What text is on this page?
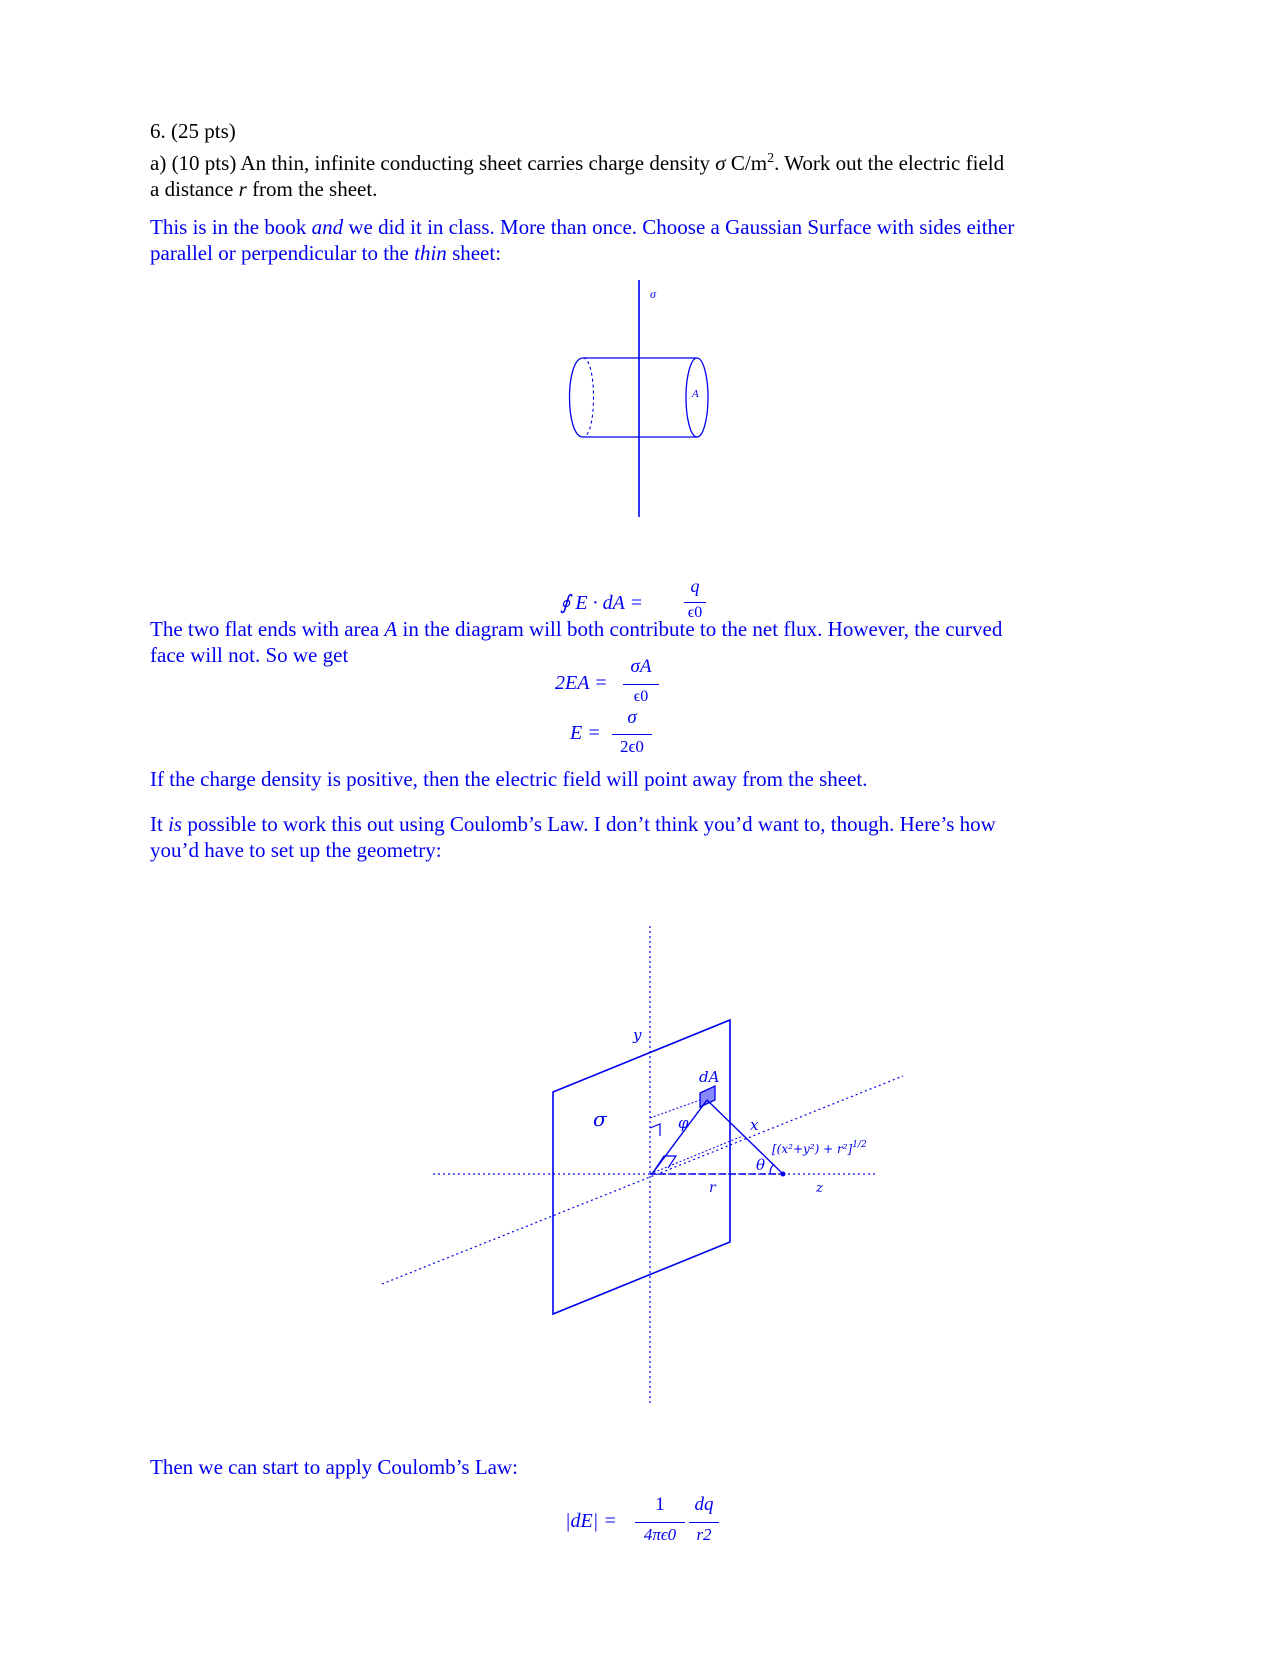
6. (25 pts)

a) (10 pts) An thin, infinite conducting sheet carries charge density σ $C/m^2$. Work out the electric field
a distance r from the sheet.

This is in the book and we did it in class. More than once. Choose a Gaussian Surface with sides either
parallel or perpendicular to the thin sheet:

σ
A
∮ E · dA =
q
ϵ0

The two flat ends with area A in the diagram will both contribute to the net flux. However, the curved
face will not. So we get

2EA =
σA
ϵ0
E =
σ
2ϵ0

If the charge density is positive, then the electric field will point away from the sheet.

It is possible to work this out using Coulomb’s Law. I don’t think you’d want to, though. Here’s how
you’d have to set up the geometry:

σ
y
dA
φ	x
$[(x^2+y^2) + r^2]^{1/2}$
θ
r	z

Then we can start to apply Coulomb’s Law:

|dE| =
1
4πϵ0
dq
r2
